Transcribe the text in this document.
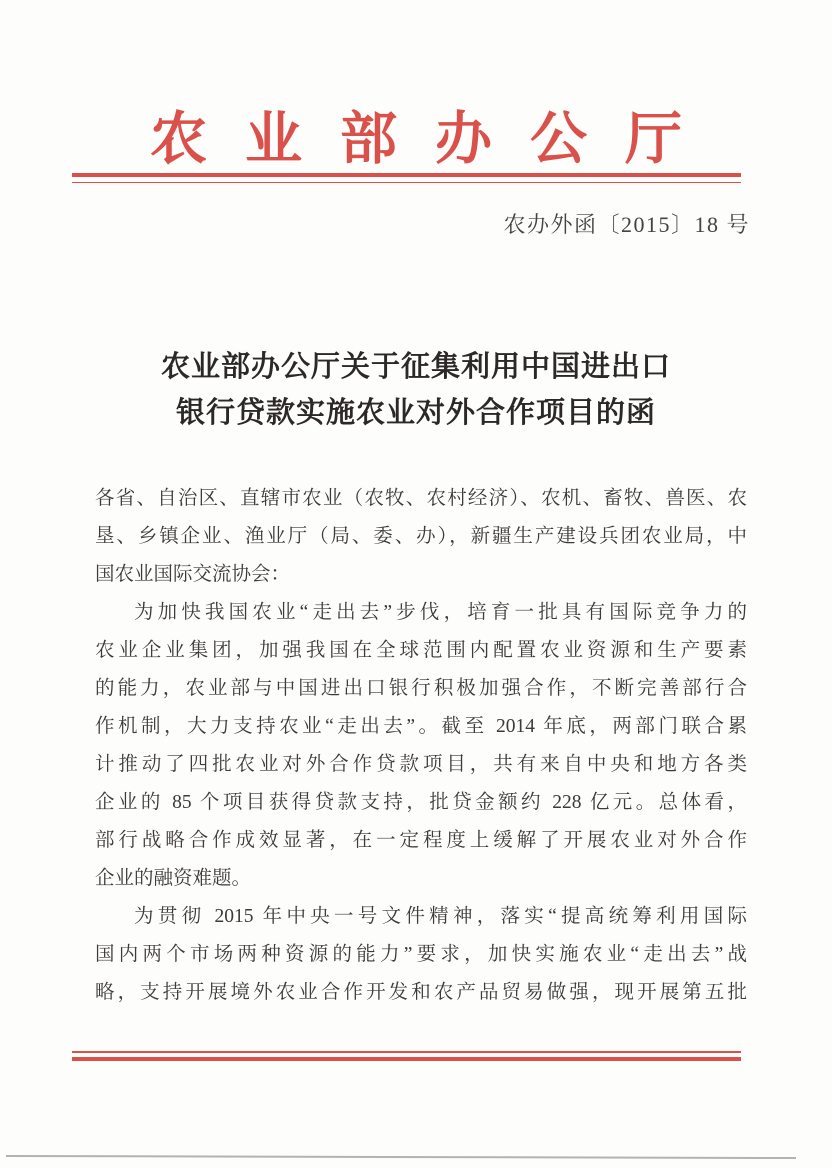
农业部办公厅
农办外函〔2015〕18 号
农业部办公厅关于征集利用中国进出口
银行贷款实施农业对外合作项目的函
各省、自治区、直辖市农业（农牧、农村经济）、农机、畜牧、兽医、农
垦、乡镇企业、渔业厅（局、委、办），新疆生产建设兵团农业局，中
国农业国际交流协会：
为加快我国农业“走出去”步伐，培育一批具有国际竞争力的
农业企业集团，加强我国在全球范围内配置农业资源和生产要素
的能力，农业部与中国进出口银行积极加强合作，不断完善部行合
作机制，大力支持农业“走出去”。截至 2014 年底，两部门联合累
计推动了四批农业对外合作贷款项目，共有来自中央和地方各类
企业的 85 个项目获得贷款支持，批贷金额约 228 亿元。总体看，
部行战略合作成效显著，在一定程度上缓解了开展农业对外合作
企业的融资难题。
为贯彻 2015 年中央一号文件精神，落实“提高统筹利用国际
国内两个市场两种资源的能力”要求，加快实施农业“走出去”战
略，支持开展境外农业合作开发和农产品贸易做强，现开展第五批
